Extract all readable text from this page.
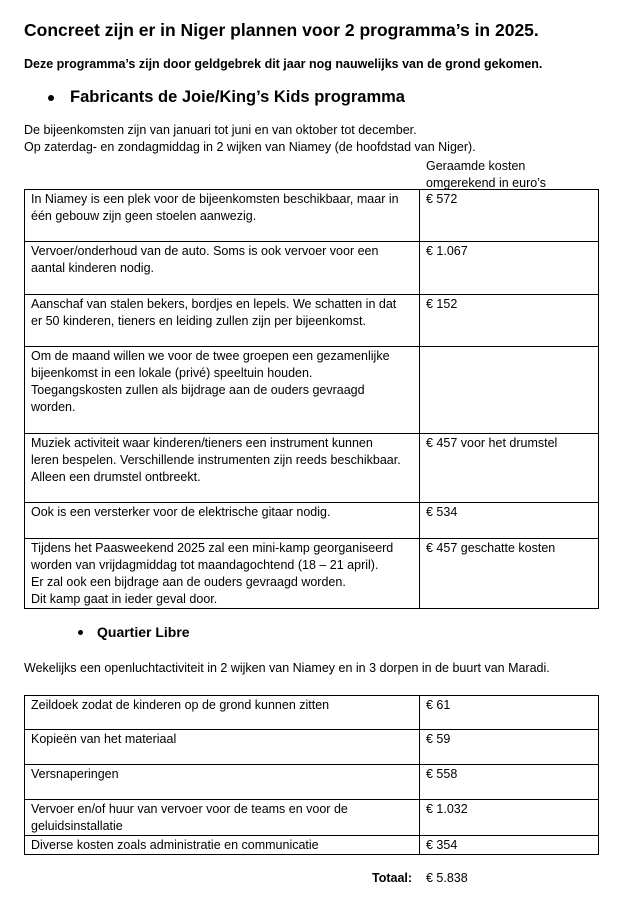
Concreet zijn er in Niger plannen voor 2 programma’s in 2025.
Deze programma’s zijn door geldgebrek dit jaar nog nauwelijks van de grond gekomen.
Fabricants de Joie/King’s Kids programma
De bijeenkomsten zijn van januari tot juni en van oktober tot december.
Op zaterdag- en zondagmiddag in 2 wijken van Niamey (de hoofdstad van Niger).
Geraamde kosten
omgerekend in euro’s
In Niamey is een plek voor de bijeenkomsten beschikbaar, maar in
één gebouw zijn geen stoelen aanwezig.	€ 572

Vervoer/onderhoud van de auto. Soms is ook vervoer voor een
aantal kinderen nodig.	€ 1.067

Aanschaf van stalen bekers, bordjes en lepels. We schatten in dat
er 50 kinderen, tieners en leiding zullen zijn per bijeenkomst.	€ 152

Om de maand willen we voor de twee groepen een gezamenlijke
bijeenkomst in een lokale (privé) speeltuin houden.
Toegangskosten zullen als bijdrage aan de ouders gevraagd
worden.	

Muziek activiteit waar kinderen/tieners een instrument kunnen
leren bespelen. Verschillende instrumenten zijn reeds beschikbaar.
Alleen een drumstel ontbreekt.	€ 457 voor het drumstel

Ook is een versterker voor de elektrische gitaar nodig.	€ 534

Tijdens het Paasweekend 2025 zal een mini-kamp georganiseerd
worden van vrijdagmiddag tot maandagochtend (18 – 21 april).
Er zal ook een bijdrage aan de ouders gevraagd worden.
Dit kamp gaat in ieder geval door.	€ 457 geschatte kosten
Quartier Libre
Wekelijks een openluchtactiviteit in 2 wijken van Niamey en in 3 dorpen in de buurt van Maradi.
Zeildoek zodat de kinderen op de grond kunnen zitten	€ 61

Kopieën van het materiaal	€ 59

Versnaperingen	€ 558

Vervoer en/of huur van vervoer voor de teams en voor de
geluidsinstallatie	€ 1.032

Diverse kosten zoals administratie en communicatie	€ 354
Totaal: € 5.838
